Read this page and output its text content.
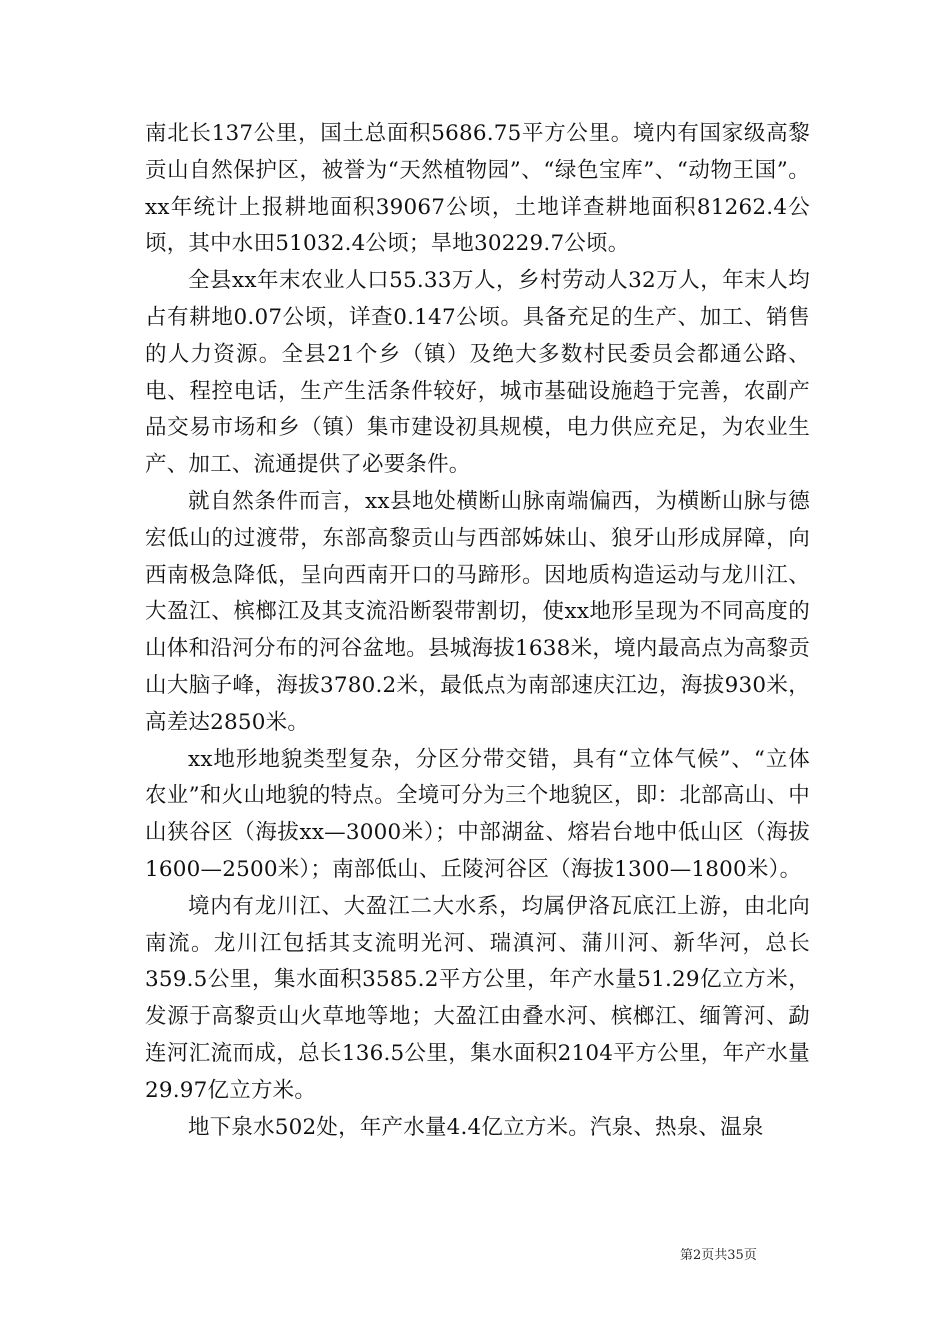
南北长137公里，国土总面积5686.75平方公里。境内有国家级高黎贡山自然保护区，被誉为“天然植物园”、“绿色宝库”、“动物王国”。xx年统计上报耕地面积39067公顷，土地详查耕地面积81262.4公顷，其中水田51032.4公顷；旱地30229.7公顷。

全县xx年末农业人口55.33万人，乡村劳动人32万人，年末人均占有耕地0.07公顷，详查0.147公顷。具备充足的生产、加工、销售的人力资源。全县21个乡（镇）及绝大多数村民委员会都通公路、电、程控电话，生产生活条件较好，城市基础设施趋于完善，农副产品交易市场和乡（镇）集市建设初具规模，电力供应充足，为农业生产、加工、流通提供了必要条件。

就自然条件而言，xx县地处横断山脉南端偏西，为横断山脉与德宏低山的过渡带，东部高黎贡山与西部姊妹山、狼牙山形成屏障，向西南极急降低，呈向西南开口的马蹄形。因地质构造运动与龙川江、大盈江、槟榔江及其支流沿断裂带割切，使xx地形呈现为不同高度的山体和沿河分布的河谷盆地。县城海拔1638米，境内最高点为高黎贡山大脑子峰，海拔3780.2米，最低点为南部速庆江边，海拔930米，高差达2850米。

xx地形地貌类型复杂，分区分带交错，具有“立体气候”、“立体农业”和火山地貌的特点。全境可分为三个地貌区，即：北部高山、中山狭谷区（海拔xx—3000米）；中部湖盆、熔岩台地中低山区（海拔1600—2500米）；南部低山、丘陵河谷区（海拔1300—1800米）。

境内有龙川江、大盈江二大水系，均属伊洛瓦底江上游，由北向南流。龙川江包括其支流明光河、瑞滇河、蒲川河、新华河，总长359.5公里，集水面积3585.2平方公里，年产水量51.29亿立方米，发源于高黎贡山火草地等地；大盈江由叠水河、槟榔江、缅箐河、勐连河汇流而成，总长136.5公里，集水面积2104平方公里，年产水量29.97亿立方米。

地下泉水502处，年产水量4.4亿立方米。汽泉、热泉、温泉

第2页共35页
